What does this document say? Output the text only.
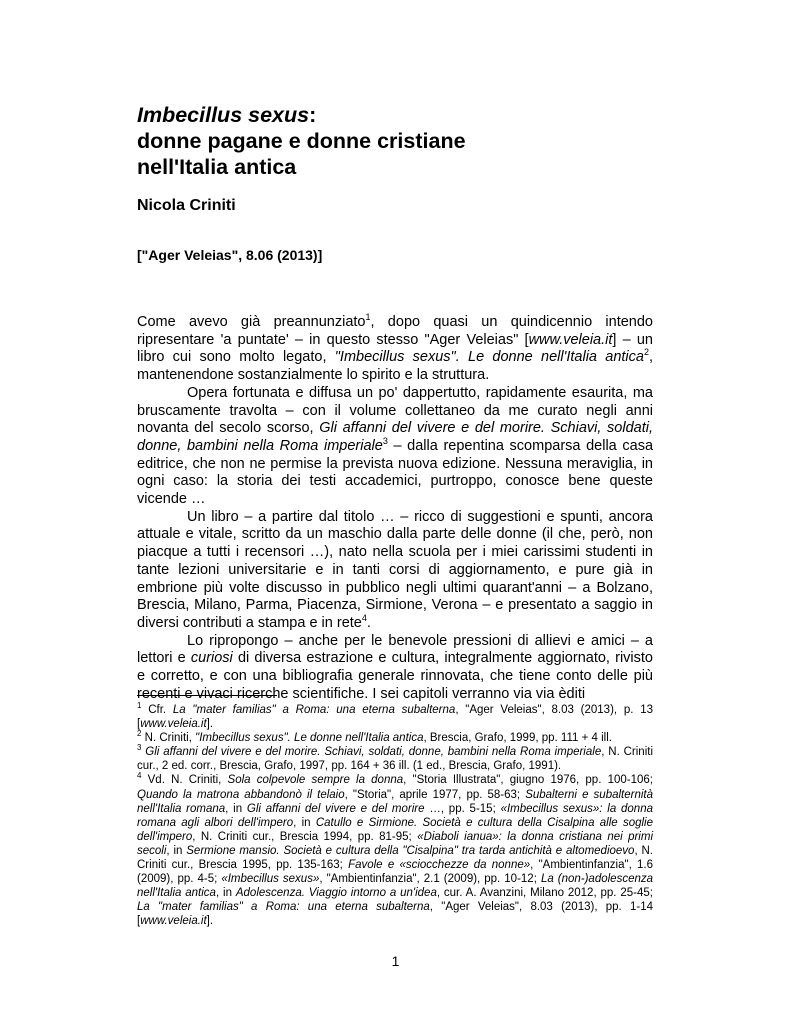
Imbecillus sexus:
donne pagane e donne cristiane
nell'Italia antica
Nicola Criniti
["Ager Veleias", 8.06 (2013)]

Come avevo già preannunziato$^1$, dopo quasi un quindicennio intendo ripresentare 'a puntate' – in questo stesso "Ager Veleias" [www.veleia.it] – un libro cui sono molto legato, "Imbecillus sexus". Le donne nell'Italia antica$^2$, mantenendone sostanzialmente lo spirito e la struttura.

Opera fortunata e diffusa un po' dappertutto, rapidamente esaurita, ma bruscamente travolta – con il volume collettaneo da me curato negli anni novanta del secolo scorso, Gli affanni del vivere e del morire. Schiavi, soldati, donne, bambini nella Roma imperiale$^3$ – dalla repentina scomparsa della casa editrice, che non ne permise la prevista nuova edizione. Nessuna meraviglia, in ogni caso: la storia dei testi accademici, purtroppo, conosce bene queste vicende …

Un libro – a partire dal titolo … – ricco di suggestioni e spunti, ancora attuale e vitale, scritto da un maschio dalla parte delle donne (il che, però, non piacque a tutti i recensori …), nato nella scuola per i miei carissimi studenti in tante lezioni universitarie e in tanti corsi di aggiornamento, e pure già in embrione più volte discusso in pubblico negli ultimi quarant'anni – a Bolzano, Brescia, Milano, Parma, Piacenza, Sirmione, Verona – e presentato a saggio in diversi contributi a stampa e in rete$^4$.

Lo ripropongo – anche per le benevole pressioni di allievi e amici – a lettori e curiosi di diversa estrazione e cultura, integralmente aggiornato, rivisto e corretto, e con una bibliografia generale rinnovata, che tiene conto delle più recenti e vivaci ricerche scientifiche. I sei capitoli verranno via via èditi

$^1$ Cfr. La "mater familias" a Roma: una eterna subalterna, "Ager Veleias", 8.03 (2013), p. 13 [www.veleia.it].

$^2$ N. Criniti, "Imbecillus sexus". Le donne nell'Italia antica, Brescia, Grafo, 1999, pp. 111 + 4 ill.

$^3$ Gli affanni del vivere e del morire. Schiavi, soldati, donne, bambini nella Roma imperiale, N. Criniti cur., 2 ed. corr., Brescia, Grafo, 1997, pp. 164 + 36 ill. (1 ed., Brescia, Grafo, 1991).

$^4$ Vd. N. Criniti, Sola colpevole sempre la donna, "Storia Illustrata", giugno 1976, pp. 100-106; Quando la matrona abbandonò il telaio, "Storia", aprile 1977, pp. 58-63; Subalterni e subalternità nell'Italia romana, in Gli affanni del vivere e del morire …, pp. 5-15; «Imbecillus sexus»: la donna romana agli albori dell'impero, in Catullo e Sirmione. Società e cultura della Cisalpina alle soglie dell'impero, N. Criniti cur., Brescia 1994, pp. 81-95; «Diaboli ianua»: la donna cristiana nei primi secoli, in Sermione mansio. Società e cultura della "Cisalpina" tra tarda antichità e altomedioevo, N. Criniti cur., Brescia 1995, pp. 135-163; Favole e «sciocchezze da nonne», "Ambientinfanzia", 1.6 (2009), pp. 4-5; «Imbecillus sexus», "Ambientinfanzia", 2.1 (2009), pp. 10-12; La (non-)adolescenza nell'Italia antica, in Adolescenza. Viaggio intorno a un'idea, cur. A. Avanzini, Milano 2012, pp. 25-45; La "mater familias" a Roma: una eterna subalterna, "Ager Veleias", 8.03 (2013), pp. 1-14 [www.veleia.it].

1
